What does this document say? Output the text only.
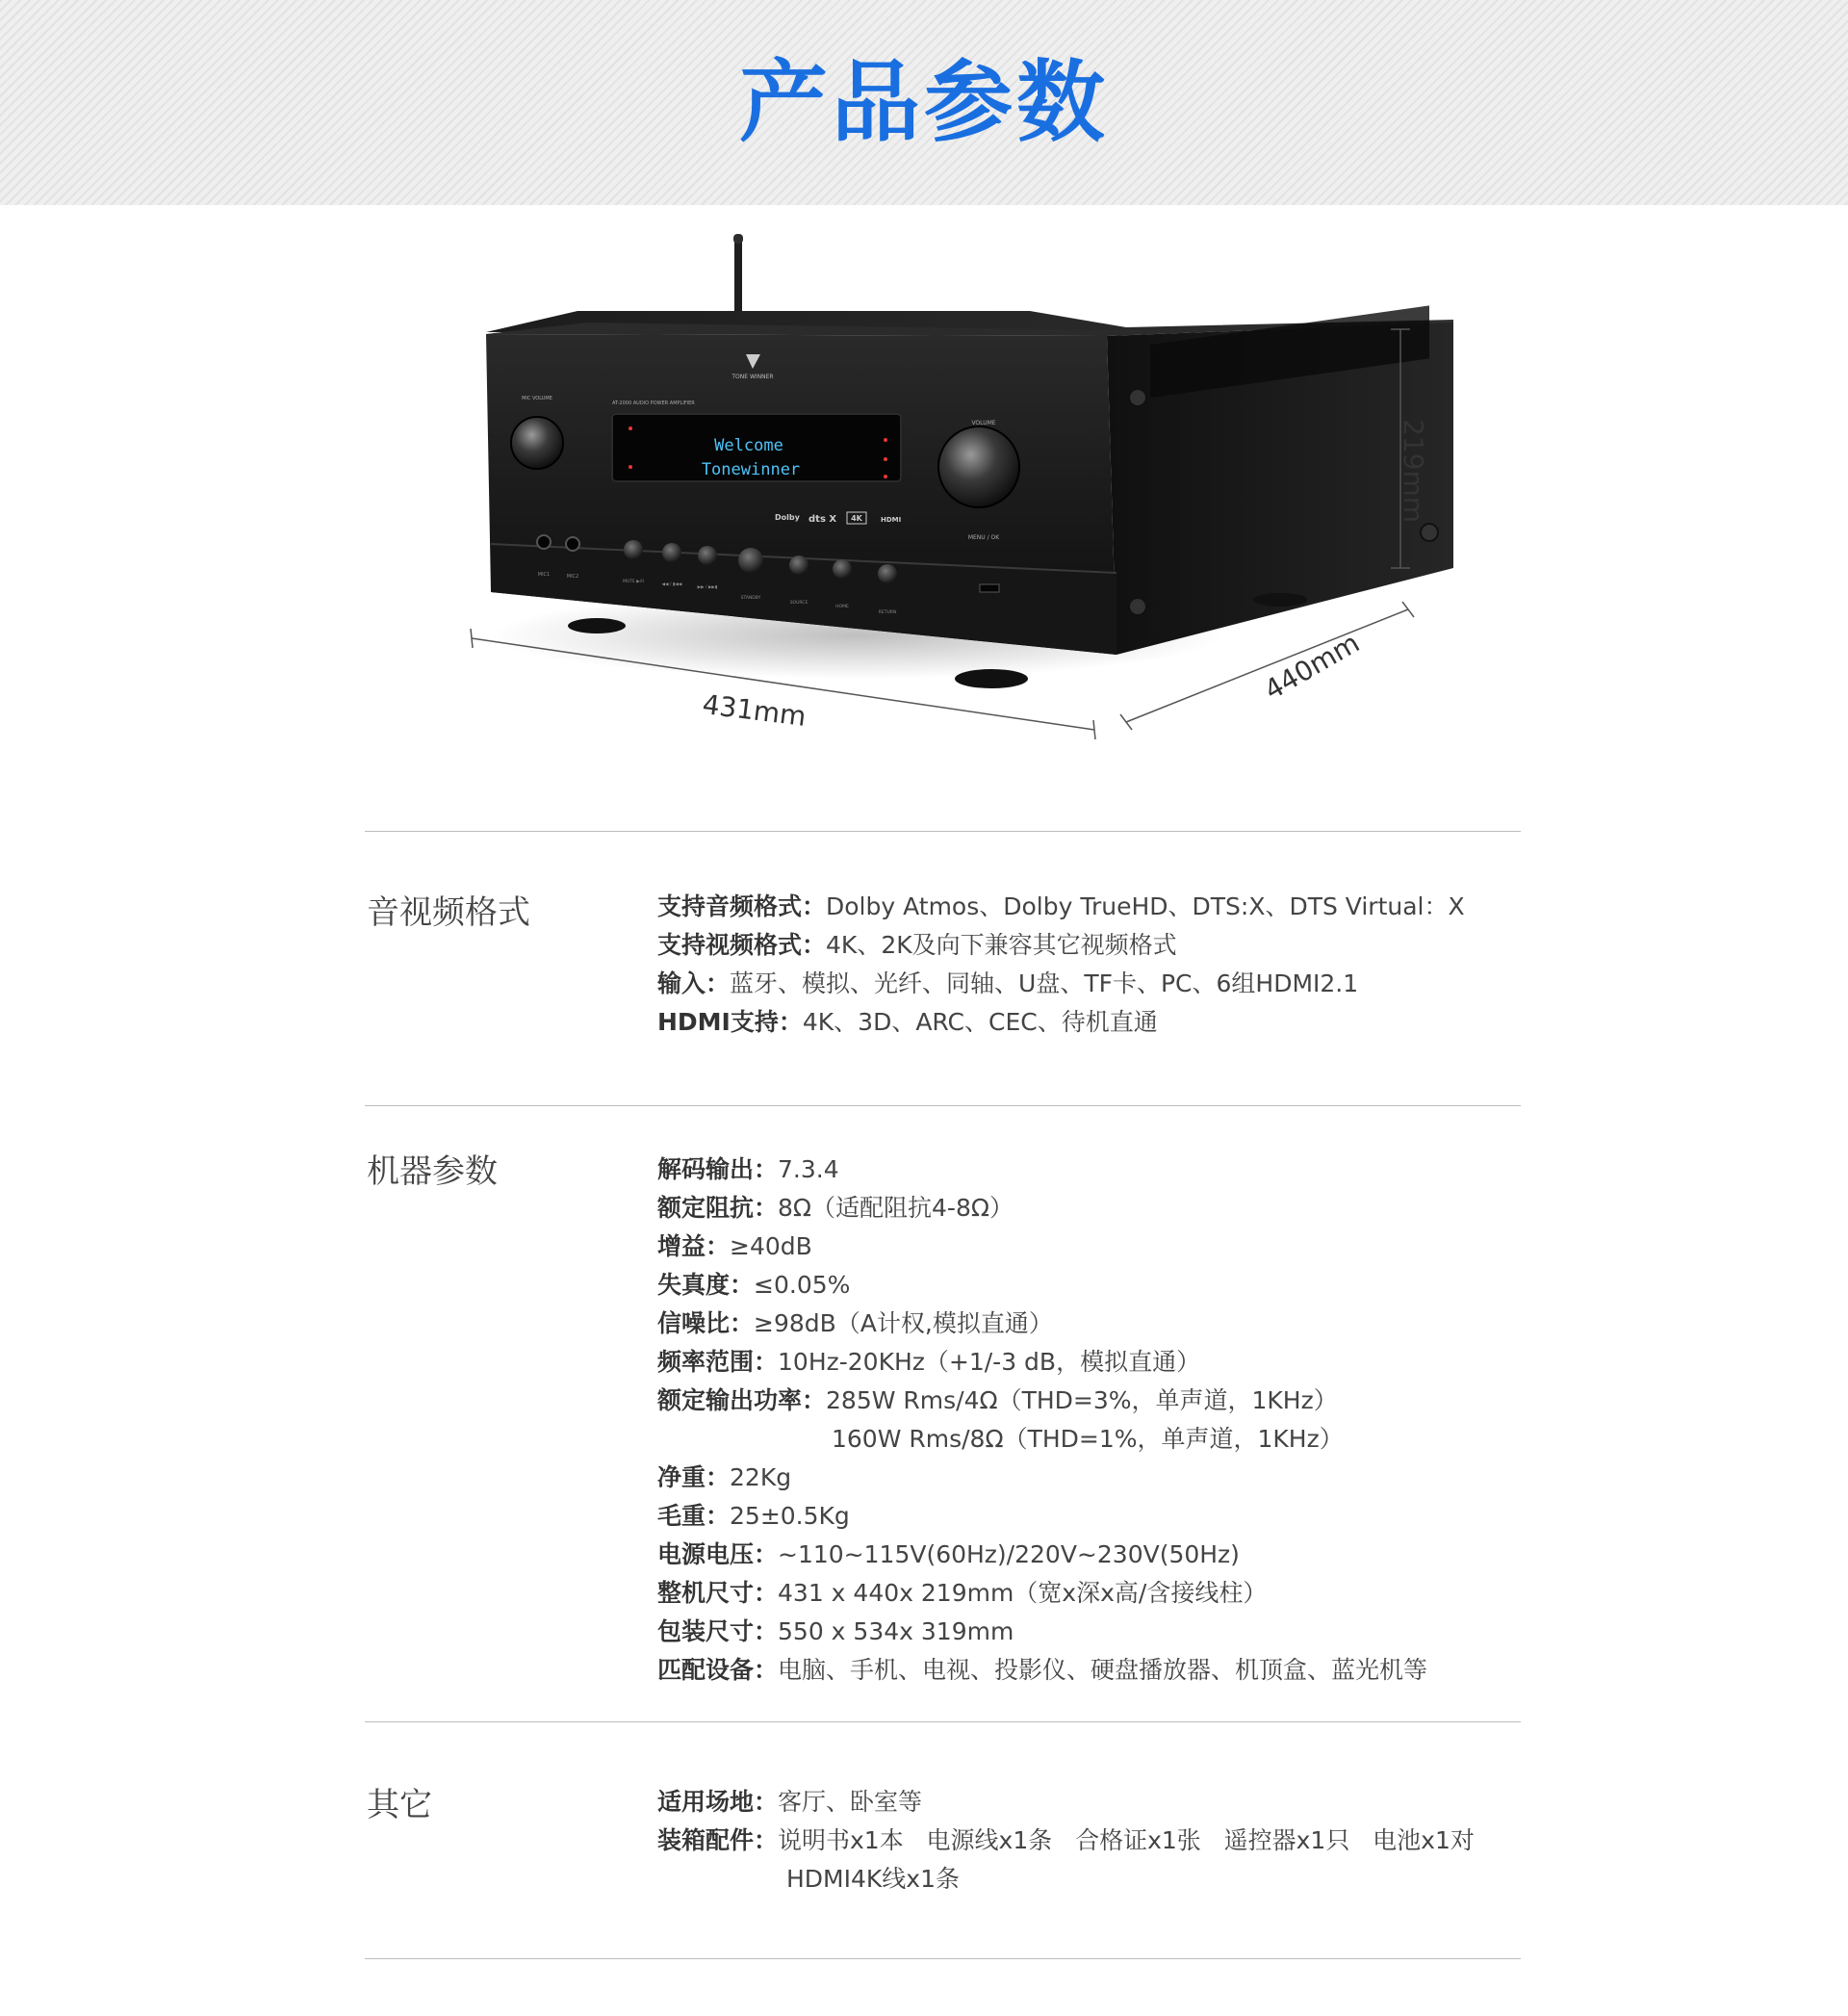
产品参数
TONE WINNER
AT-2000 AUDIO POWER AMPLIFIER
Welcome
Tonewinner
Dolby dts X 4K	HDMI
MIC VOLUME
VOLUME
MENU / OK
MIC1	MIC2
MUTE ▶/II
◀◀ / ▮◀◀
▶▶ / ▶▶▮
STANDBY
SOURCE
HOME
RETURN
431mm
440mm
219mm
音视频格式	支持音频格式：Dolby Atmos、Dolby TrueHD、DTS:X、DTS Virtual：X
支持视频格式：4K、2K及向下兼容其它视频格式
输入：蓝牙、模拟、光纤、同轴、U盘、TF卡、PC、6组HDMI2.1
HDMI支持：4K、3D、ARC、CEC、待机直通
机器参数	解码输出：7.3.4
额定阻抗：8Ω（适配阻抗4-8Ω）
增益：≥40dB
失真度：≤0.05%
信噪比：≥98dB（A计权,模拟直通）
频率范围：10Hz-20KHz（+1/-3 dB，模拟直通）
额定输出功率：285W Rms/4Ω（THD=3%，单声道，1KHz）
160W Rms/8Ω（THD=1%，单声道，1KHz）
净重：22Kg
毛重：25±0.5Kg
电源电压：~110~115V(60Hz)/220V~230V(50Hz)
整机尺寸：431 x 440x 219mm（宽x深x高/含接线柱）
包装尺寸：550 x 534x 319mm
匹配设备：电脑、手机、电视、投影仪、硬盘播放器、机顶盒、蓝光机等
其它	适用场地：客厅、卧室等
装箱配件：说明书x1本   电源线x1条   合格证x1张   遥控器x1只   电池x1对
HDMI4K线x1条
